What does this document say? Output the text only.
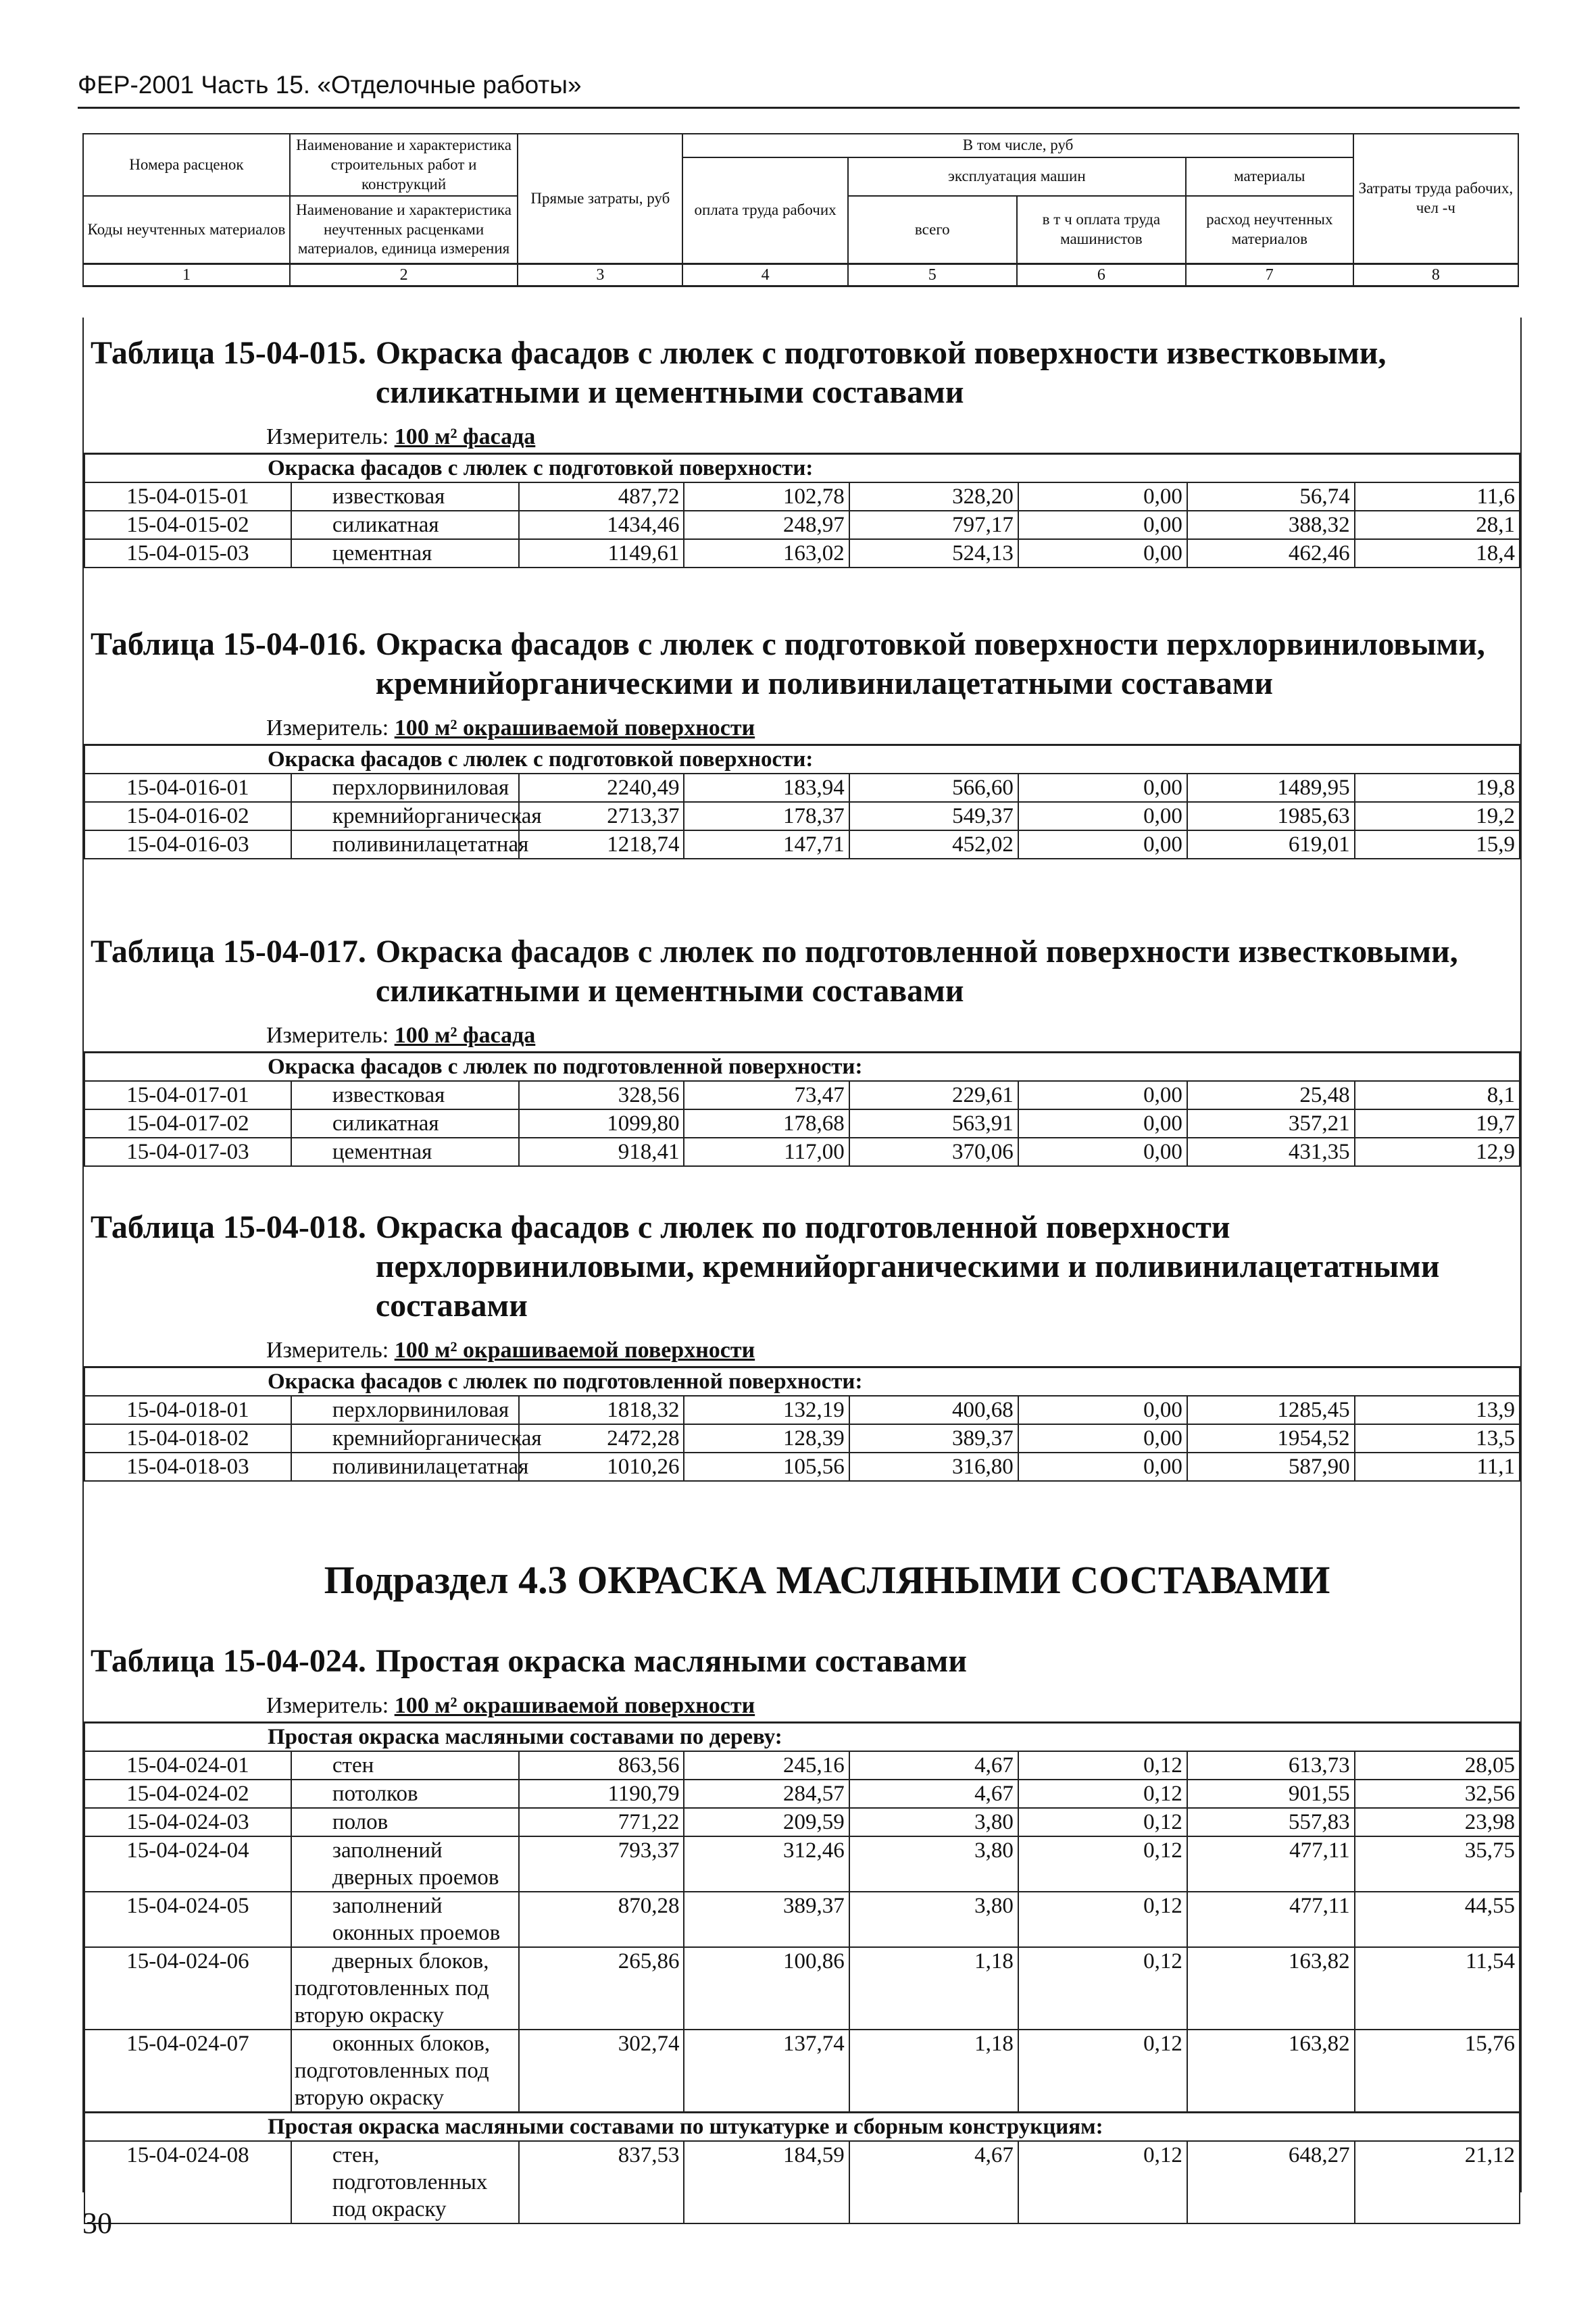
ФЕР-2001 Часть 15. «Отделочные работы»
Номера расценок	Наименование и характеристика строительных работ и конструкций	Прямые затраты, руб	В том числе, руб				Затраты труда рабочих, чел -ч
			оплата труда рабочих	эксплуатация машин		материалы	
Коды неучтенных материалов	Наименование и характеристика неучтенных расценками материалов, единица измерения			всего	в т ч оплата труда машинистов	расход неучтенных материалов	

1	2	3	4	5	6	7	8
Таблица 15-04-015. Окраска фасадов с люлек с подготовкой поверхности известковыми, силикатными и цементными составами
Измеритель: 100 м² фасада
Окраска фасадов с люлек с подготовкой поверхности:							
15-04-015-01	известковая	487,72	102,78	328,20	0,00	56,74	11,6
15-04-015-02	силикатная	1434,46	248,97	797,17	0,00	388,32	28,1
15-04-015-03	цементная	1149,61	163,02	524,13	0,00	462,46	18,4
Таблица 15-04-016. Окраска фасадов с люлек с подготовкой поверхности перхлорвиниловыми, кремнийорганическими и поливинилацетатными составами
Измеритель: 100 м² окрашиваемой поверхности
Окраска фасадов с люлек с подготовкой поверхности:							
15-04-016-01	перхлорвиниловая	2240,49	183,94	566,60	0,00	1489,95	19,8
15-04-016-02	кремнийорганическая	2713,37	178,37	549,37	0,00	1985,63	19,2
15-04-016-03	поливинилацетатная	1218,74	147,71	452,02	0,00	619,01	15,9
Таблица 15-04-017. Окраска фасадов с люлек по подготовленной поверхности известковыми, силикатными и цементными составами
Измеритель: 100 м² фасада
Окраска фасадов с люлек по подготовленной поверхности:							
15-04-017-01	известковая	328,56	73,47	229,61	0,00	25,48	8,1
15-04-017-02	силикатная	1099,80	178,68	563,91	0,00	357,21	19,7
15-04-017-03	цементная	918,41	117,00	370,06	0,00	431,35	12,9
Таблица 15-04-018. Окраска фасадов с люлек по подготовленной поверхности перхлорвиниловыми, кремнийорганическими и поливинилацетатными составами
Измеритель: 100 м² окрашиваемой поверхности
Окраска фасадов с люлек по подготовленной поверхности:							
15-04-018-01	перхлорвиниловая	1818,32	132,19	400,68	0,00	1285,45	13,9
15-04-018-02	кремнийорганическая	2472,28	128,39	389,37	0,00	1954,52	13,5
15-04-018-03	поливинилацетатная	1010,26	105,56	316,80	0,00	587,90	11,1
Таблица 15-04-024. Простая окраска масляными составами
Измеритель: 100 м² окрашиваемой поверхности
Простая окраска масляными составами по дереву:							
15-04-024-01	стен	863,56	245,16	4,67	0,12	613,73	28,05
15-04-024-02	потолков	1190,79	284,57	4,67	0,12	901,55	32,56
15-04-024-03	полов	771,22	209,59	3,80	0,12	557,83	23,98
15-04-024-04	заполнений дверных проемов	793,37	312,46	3,80	0,12	477,11	35,75
15-04-024-05	заполнений оконных проемов	870,28	389,37	3,80	0,12	477,11	44,55
15-04-024-06	дверных блоков, подготовленных под вторую окраску	265,86	100,86	1,18	0,12	163,82	11,54
15-04-024-07	оконных блоков, подготовленных под вторую окраску	302,74	137,74	1,18	0,12	163,82	15,76
Простая окраска масляными составами по штукатурке и сборным конструкциям:							
15-04-024-08	стен, подготовленных под окраску	837,53	184,59	4,67	0,12	648,27	21,12
Подраздел 4.3 ОКРАСКА МАСЛЯНЫМИ СОСТАВАМИ
30
